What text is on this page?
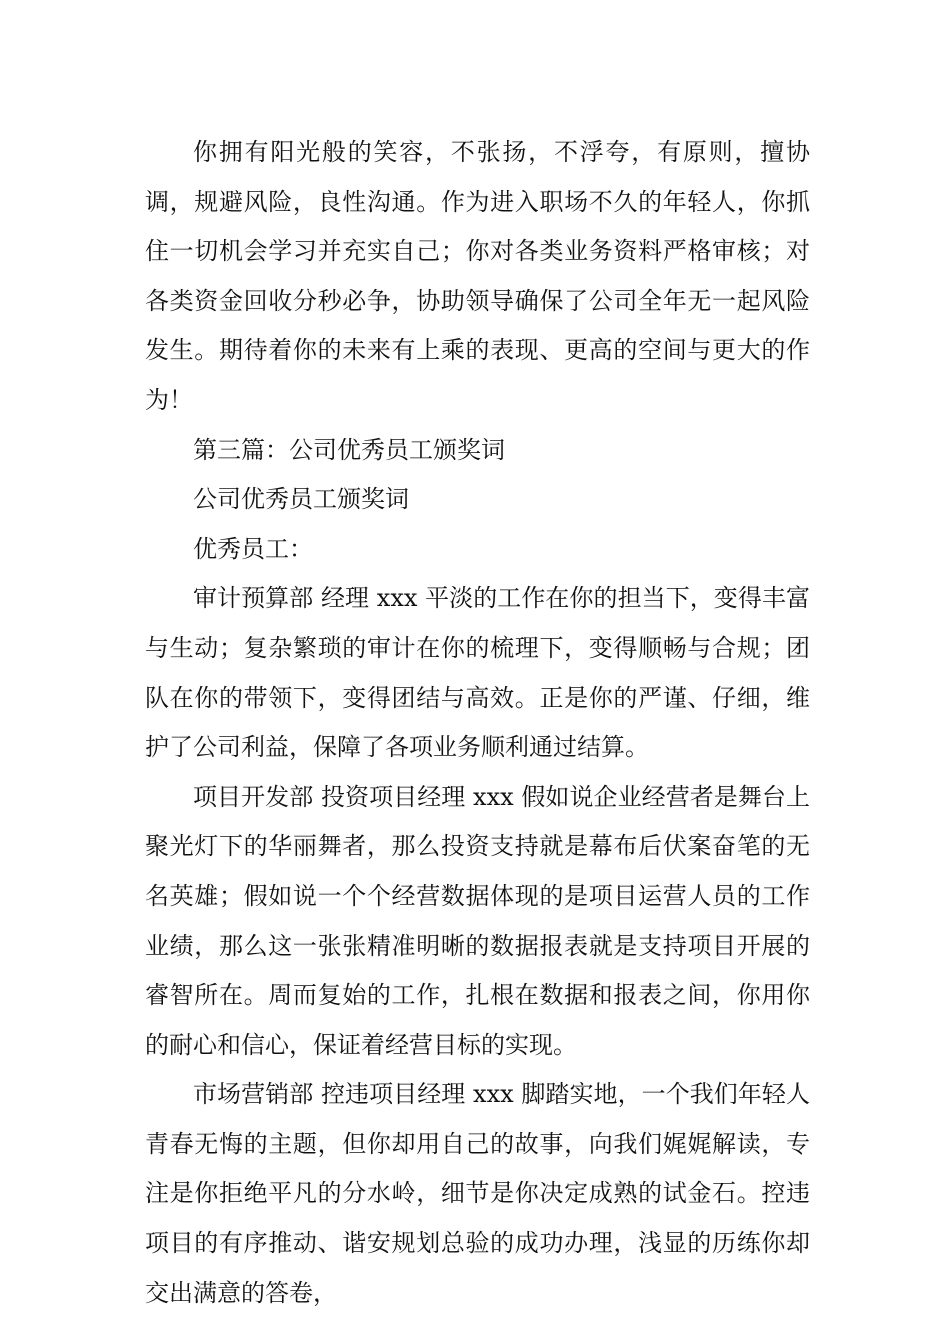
你拥有阳光般的笑容，不张扬，不浮夸，有原则，擅协调，规避风险，良性沟通。作为进入职场不久的年轻人，你抓住一切机会学习并充实自己；你对各类业务资料严格审核；对各类资金回收分秒必争，协助领导确保了公司全年无一起风险发生。期待着你的未来有上乘的表现、更高的空间与更大的作为！

第三篇：公司优秀员工颁奖词

公司优秀员工颁奖词

优秀员工：

审计预算部 经理 xxx 平淡的工作在你的担当下，变得丰富与生动；复杂繁琐的审计在你的梳理下，变得顺畅与合规；团队在你的带领下，变得团结与高效。正是你的严谨、仔细，维护了公司利益，保障了各项业务顺利通过结算。

项目开发部 投资项目经理 xxx 假如说企业经营者是舞台上聚光灯下的华丽舞者，那么投资支持就是幕布后伏案奋笔的无名英雄；假如说一个个经营数据体现的是项目运营人员的工作业绩，那么这一张张精准明晰的数据报表就是支持项目开展的睿智所在。周而复始的工作，扎根在数据和报表之间，你用你的耐心和信心，保证着经营目标的实现。

市场营销部 控违项目经理 xxx 脚踏实地，一个我们年轻人青春无悔的主题，但你却用自己的故事，向我们娓娓解读，专注是你拒绝平凡的分水岭，细节是你决定成熟的试金石。控违项目的有序推动、谐安规划总验的成功办理，浅显的历练你却交出满意的答卷，
